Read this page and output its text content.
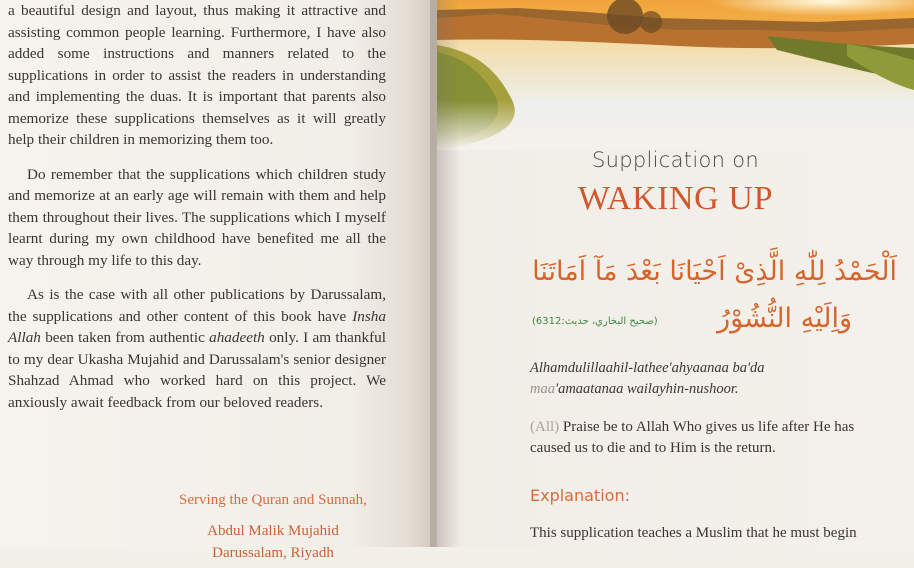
a beautiful design and layout, thus making it attractive and assisting common people learning. Furthermore, I have also added some instructions and manners related to the supplications in order to assist the readers in understanding and implementing the duas. It is important that parents also memorize these supplications themselves as it will greatly help their children in memorizing them too.

Do remember that the supplications which children study and memorize at an early age will remain with them and help them throughout their lives. The supplications which I myself learnt during my own childhood have benefited me all the way through my life to this day.

As is the case with all other publications by Darussalam, the supplications and other content of this book have Insha Allah been taken from authentic ahadeeth only. I am thankful to my dear Ukasha Mujahid and Darussalam's senior designer Shahzad Ahmad who worked hard on this project. We anxiously await feedback from our beloved readers.

Serving the Quran and Sunnah,
Abdul Malik Mujahid
Darussalam, Riyadh
Supplication on
WAKING UP
اَلْحَمْدُ لِلّٰهِ الَّذِىْ اَحْيَانَا بَعْدَ مَآ اَمَاتَنَا
وَاِلَيْهِ النُّشُوْرُ
(صحيح البخاري، حديث:6312)
Alhamdulillaahil-lathee'ahyaanaa ba'da
maa'amaatanaa wailayhin-nushoor.
(All) Praise be to Allah Who gives us life after He has caused us to die and to Him is the return.
Explanation:
This supplication teaches a Muslim that he must begin
